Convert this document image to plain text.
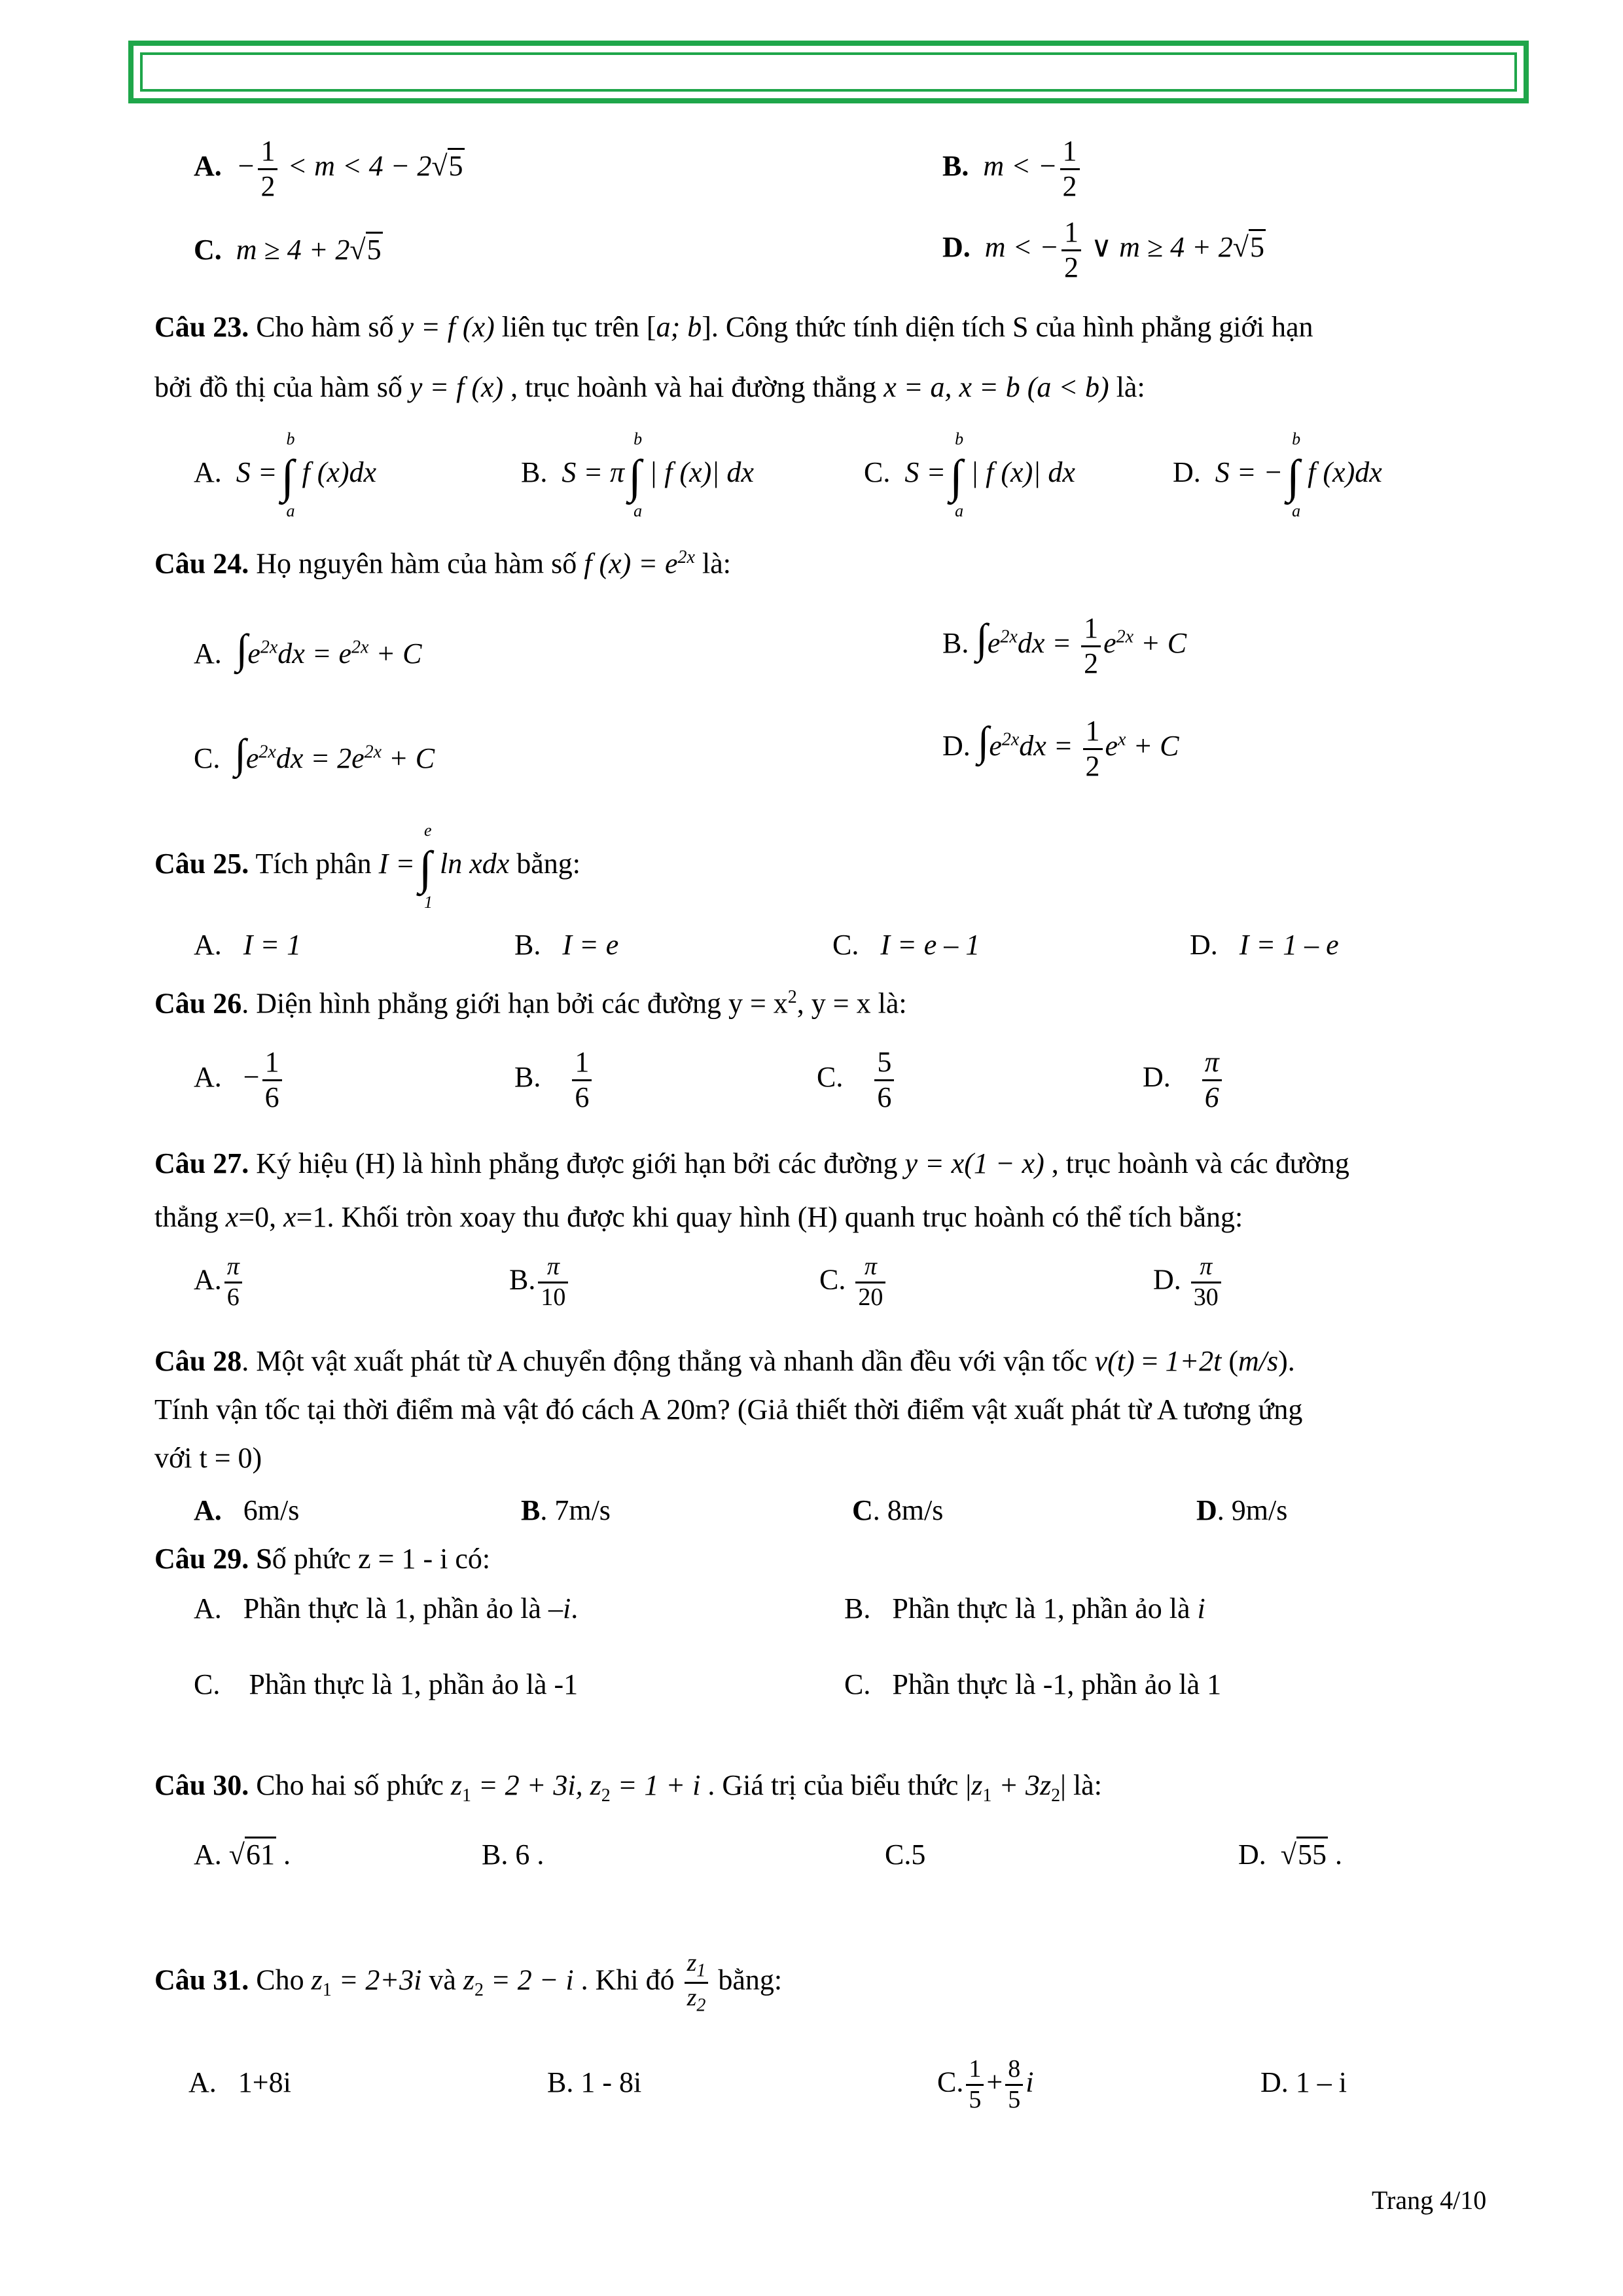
A. − $\frac{1}{2} < m < 4 - 2√5$	B. m < − $\frac{1}{2}$
C. m ≥ 4 + 2√5	D. m < − $\frac{1}{2}$ ∨ m ≥ 4 + 2√5
Câu 23. Cho hàm số y = f (x) liên tục trên [a; b]. Công thức tính diện tích S của hình phẳng giới hạn
bởi đồ thị của hàm số y = f (x) , trục hoành và hai đường thẳng x = a, x = b (a < b) là:
A. S =
b
∫
a
f (x)dx	B. S = π
b
∫
a
| f (x)| dx	C. S =
b
∫
a
| f (x)| dx	D. S = −
b
∫
a
f (x)dx
Câu 24. Họ nguyên hàm của hàm số f $(x) = e^{2x}$ là:
A. $\int e^{2x}dx = e^{2x} + C$	B. $\int e^{2x}dx = \frac{1}{2} e^{2x} + C$
C. $\int e^{2x}dx = 2e^{2x} + C$	D. $\int e^{2x}dx = \frac{1}{2} e^x + C$
Câu 25. Tích phân I =
e
∫
1
ln xdx bằng:
A. I = 1	B. I = e	C. I = e – 1	D. I = 1 – e
Câu 26. Diện hình phẳng giới hạn bởi các đường $y = x^2$, y = x là:
A. − $\frac{1}{6}$	B. $\frac{1}{6}$	C. $\frac{5}{6}$	D. $\frac{\pi}{6}$
Câu 27. Ký hiệu (H) là hình phẳng được giới hạn bởi các đường y = x(1 − x) , trục hoành và các đường
thẳng x=0, x=1. Khối tròn xoay thu được khi quay hình (H) quanh trục hoành có thể tích bằng:
A. $\frac{\pi}{6}$	B. $\frac{\pi}{10}$	C. $\frac{\pi}{20}$	D. $\frac{\pi}{30}$
Câu 28. Một vật xuất phát từ A chuyển động thẳng và nhanh dần đều với vận tốc v(t) = 1+2t (m/s).
Tính vận tốc tại thời điểm mà vật đó cách A 20m? (Giả thiết thời điểm vật xuất phát từ A tương ứng
với t = 0)
A. 6m/s	B. 7m/s	C. 8m/s	D. 9m/s
Câu 29. Số phức z = 1 - i có:
A. Phần thực là 1, phần ảo là –i.	B. Phần thực là 1, phần ảo là i
C. Phần thực là 1, phần ảo là -1	C. Phần thực là -1, phần ảo là 1
Câu 30. Cho hai số phức $z_1 = 2 + 3i$, $z_2 = 1 + i$ . Giá trị của biểu thức $|z_1 + 3z_2|$ là:
A. √61 .	B. 6 .	C.5	D.  √55 .
Câu 31. Cho $z_1 = 2+3i$ và $z_2 = 2 - i$ . Khi đó $\frac{z_1}{z_2}$ bằng:
A.   1+8i	B. 1 - 8i	C. $\frac{1}{5} + \frac{8}{5}$ i	D. 1 – i
Trang 4/10
